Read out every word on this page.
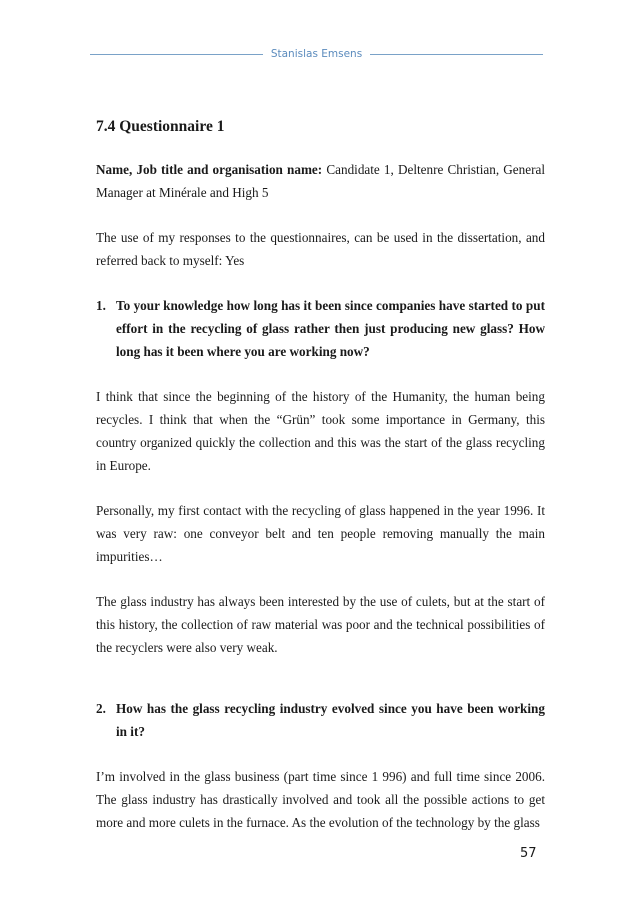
Stanislas Emsens
7.4 Questionnaire 1

Name, Job title and organisation name: Candidate 1, Deltenre Christian, General Manager at Minérale and High 5

The use of my responses to the questionnaires, can be used in the dissertation, and referred back to myself: Yes

1. To your knowledge how long has it been since companies have started to put effort in the recycling of glass rather then just producing new glass? How long has it been where you are working now?

I think that since the beginning of the history of the Humanity, the human being recycles. I think that when the “Grün” took some importance in Germany, this country organized quickly the collection and this was the start of the glass recycling in Europe.

Personally, my first contact with the recycling of glass happened in the year 1996. It was very raw: one conveyor belt and ten people removing manually the main impurities…

The glass industry has always been interested by the use of culets, but at the start of this history, the collection of raw material was poor and the technical possibilities of the recyclers were also very weak.

2. How has the glass recycling industry evolved since you have been working in it?

I’m involved in the glass business (part time since 1 996) and full time since 2006. The glass industry has drastically involved and took all the possible actions to get more and more culets in the furnace. As the evolution of the technology by the glass

57
